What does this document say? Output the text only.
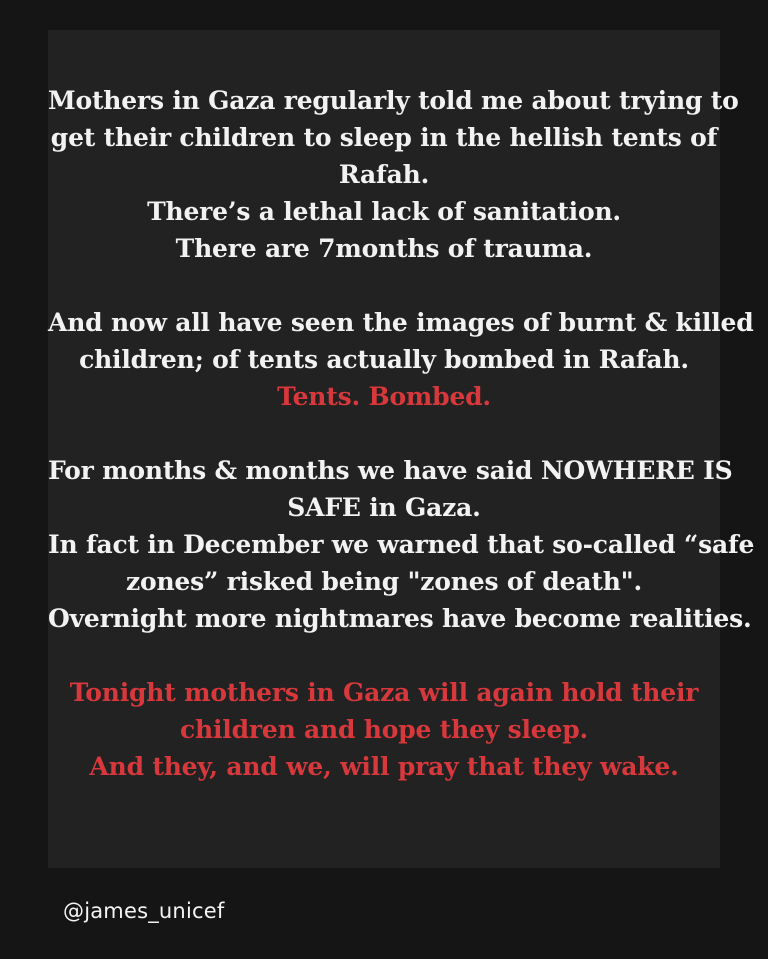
Mothers in Gaza regularly told me about trying to
get their children to sleep in the hellish tents of
Rafah.
There’s a lethal lack of sanitation.
There are 7months of trauma.
And now all have seen the images of burnt & killed
children; of tents actually bombed in Rafah.
Tents. Bombed.
For months & months we have said NOWHERE IS
SAFE in Gaza.
In fact in December we warned that so-called “safe
zones” risked being "zones of death".
Overnight more nightmares have become realities.
Tonight mothers in Gaza will again hold their
children and hope they sleep.
And they, and we, will pray that they wake.
@james_unicef
